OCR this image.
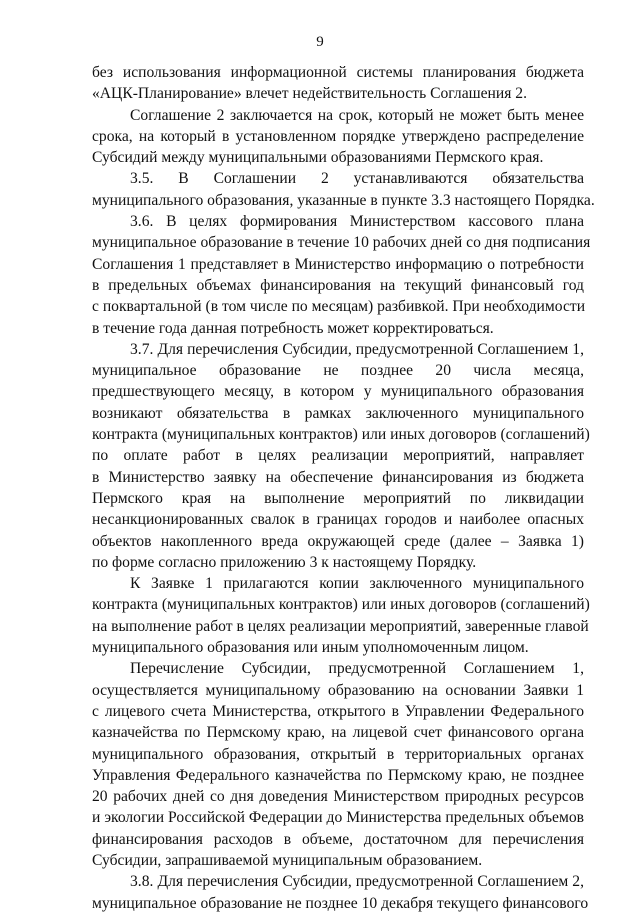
9
без использования информационной системы планирования бюджета
«АЦК-Планирование» влечет недействительность Соглашения 2.
Соглашение 2 заключается на срок, который не может быть менее
срока, на который в установленном порядке утверждено распределение
Субсидий между муниципальными образованиями Пермского края.
3.5. В Соглашении 2 устанавливаются обязательства
муниципального образования, указанные в пункте 3.3 настоящего Порядка.
3.6. В целях формирования Министерством кассового плана
муниципальное образование в течение 10 рабочих дней со дня подписания
Соглашения 1 представляет в Министерство информацию о потребности
в предельных объемах финансирования на текущий финансовый год
с поквартальной (в том числе по месяцам) разбивкой. При необходимости
в течение года данная потребность может корректироваться.
3.7. Для перечисления Субсидии, предусмотренной Соглашением 1,
муниципальное образование не позднее 20 числа месяца,
предшествующего месяцу, в котором у муниципального образования
возникают обязательства в рамках заключенного муниципального
контракта (муниципальных контрактов) или иных договоров (соглашений)
по оплате работ в целях реализации мероприятий, направляет
в Министерство заявку на обеспечение финансирования из бюджета
Пермского края на выполнение мероприятий по ликвидации
несанкционированных свалок в границах городов и наиболее опасных
объектов накопленного вреда окружающей среде (далее – Заявка 1)
по форме согласно приложению 3 к настоящему Порядку.
К Заявке 1 прилагаются копии заключенного муниципального
контракта (муниципальных контрактов) или иных договоров (соглашений)
на выполнение работ в целях реализации мероприятий, заверенные главой
муниципального образования или иным уполномоченным лицом.
Перечисление Субсидии, предусмотренной Соглашением 1,
осуществляется муниципальному образованию на основании Заявки 1
с лицевого счета Министерства, открытого в Управлении Федерального
казначейства по Пермскому краю, на лицевой счет финансового органа
муниципального образования, открытый в территориальных органах
Управления Федерального казначейства по Пермскому краю, не позднее
20 рабочих дней со дня доведения Министерством природных ресурсов
и экологии Российской Федерации до Министерства предельных объемов
финансирования расходов в объеме, достаточном для перечисления
Субсидии, запрашиваемой муниципальным образованием.
3.8. Для перечисления Субсидии, предусмотренной Соглашением 2,
муниципальное образование не позднее 10 декабря текущего финансового
